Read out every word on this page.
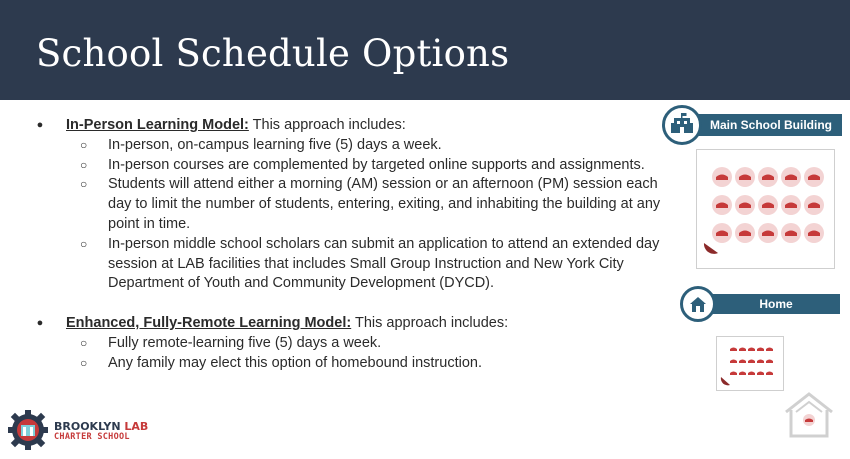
School Schedule Options
● In-Person Learning Model: This approach includes:
○ In-person, on-campus learning five (5) days a week.
○ In-person courses are complemented by targeted online supports and assignments.
○ Students will attend either a morning (AM) session or an afternoon (PM) session each day to limit the number of students, entering, exiting, and inhabiting the building at any point in time.
○ In-person middle school scholars can submit an application to attend an extended day session at LAB facilities that includes Small Group Instruction and New York City Department of Youth and Community Development (DYCD).
● Enhanced, Fully-Remote Learning Model: This approach includes:
○ Fully remote-learning five (5) days a week.
○ Any family may elect this option of homebound instruction.
Main School Building
Home
BROOKLYN LAB
CHARTER SCHOOL
